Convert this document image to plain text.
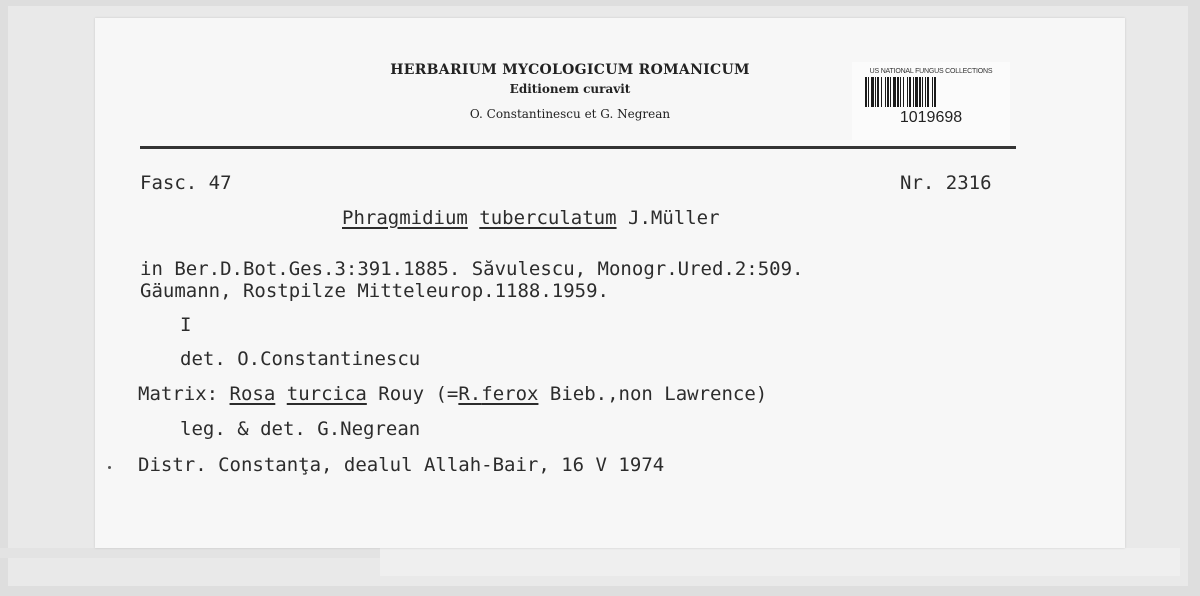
HERBARIUM MYCOLOGICUM ROMANICUM
Editionem curavit
O. Constantinescu et G. Negrean
US NATIONAL FUNGUS COLLECTIONS
1019698
Fasc. 47	Nr. 2316
Phragmidium tuberculatum J.Müller
in Ber.D.Bot.Ges.3:391.1885. Săvulescu, Monogr.Ured.2:509.
Gäumann, Rostpilze Mitteleurop.1188.1959.
I
det. O.Constantinescu
Matrix: Rosa turcica Rouy (=R.ferox Bieb.,non Lawrence)
leg. & det. G.Negrean
Distr. Constanţa, dealul Allah-Bair, 16 V 1974
